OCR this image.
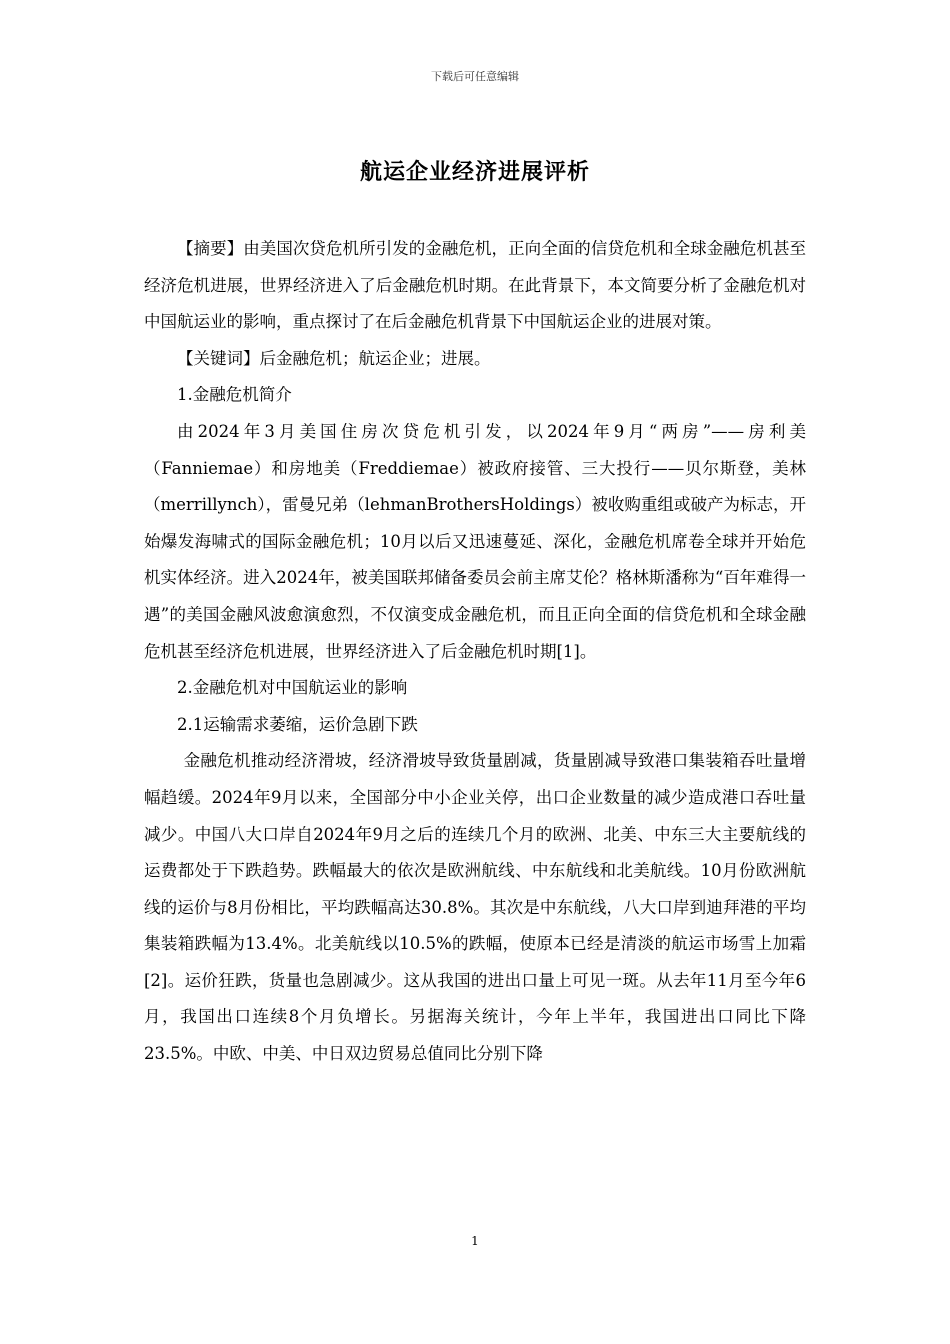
下载后可任意编辑
航运企业经济进展评析

【摘要】由美国次贷危机所引发的金融危机，正向全面的信贷危机和全球金融危机甚至经济危机进展，世界经济进入了后金融危机时期。在此背景下，本文简要分析了金融危机对中国航运业的影响，重点探讨了在后金融危机背景下中国航运企业的进展对策。

【关键词】后金融危机；航运企业；进展。

1.金融危机简介

由2024年3月美国住房次贷危机引发，以2024年9月“两房”——房利美（Fanniemae）和房地美（Freddiemae）被政府接管、三大投行——贝尔斯登，美林（merrillynch），雷曼兄弟（lehmanBrothersHoldings）被收购重组或破产为标志，开始爆发海啸式的国际金融危机；10月以后又迅速蔓延、深化，金融危机席卷全球并开始危机实体经济。进入2024年，被美国联邦储备委员会前主席艾伦？格林斯潘称为“百年难得一遇”的美国金融风波愈演愈烈，不仅演变成金融危机，而且正向全面的信贷危机和全球金融危机甚至经济危机进展，世界经济进入了后金融危机时期[1]。

2.金融危机对中国航运业的影响

2.1运输需求萎缩，运价急剧下跌

金融危机推动经济滑坡，经济滑坡导致货量剧减，货量剧减导致港口集装箱吞吐量增幅趋缓。2024年9月以来，全国部分中小企业关停，出口企业数量的减少造成港口吞吐量减少。中国八大口岸自2024年9月之后的连续几个月的欧洲、北美、中东三大主要航线的运费都处于下跌趋势。跌幅最大的依次是欧洲航线、中东航线和北美航线。10月份欧洲航线的运价与8月份相比，平均跌幅高达30.8%。其次是中东航线，八大口岸到迪拜港的平均集装箱跌幅为13.4%。北美航线以10.5%的跌幅，使原本已经是清淡的航运市场雪上加霜[2]。运价狂跌，货量也急剧减少。这从我国的进出口量上可见一斑。从去年11月至今年6月，我国出口连续8个月负增长。另据海关统计，今年上半年，我国进出口同比下降23.5%。中欧、中美、中日双边贸易总值同比分别下降

1
